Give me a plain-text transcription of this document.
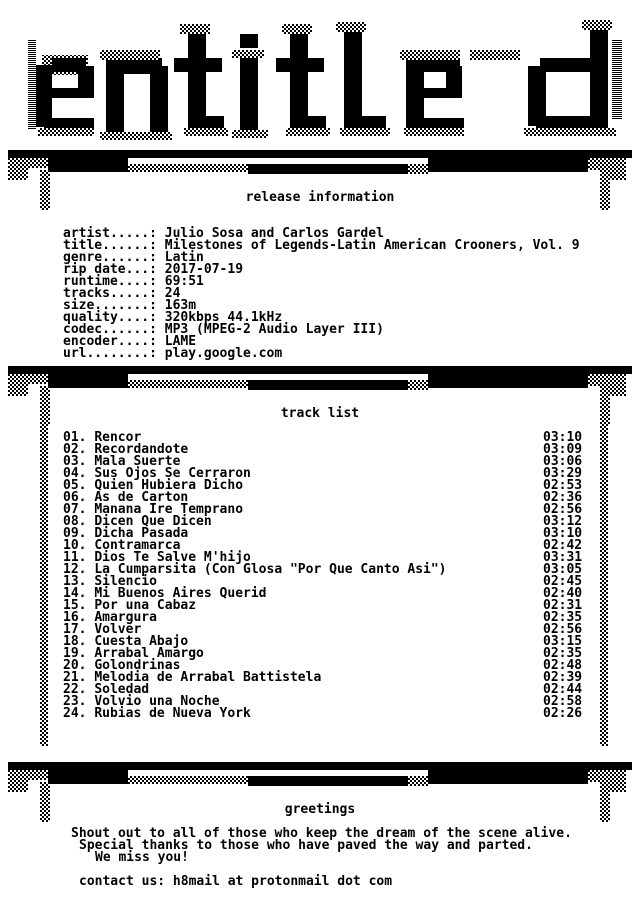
hX!
release information
artist.....: Julio Sosa and Carlos Gardel
title......: Milestones of Legends-Latin American Crooners, Vol. 9
genre......: Latin
rip date...: 2017-07-19
runtime....: 69:51
tracks.....: 24
size.......: 163m
quality....: 320kbps 44.1kHz
codec......: MP3 (MPEG-2 Audio Layer III)
encoder....: LAME
url........: play.google.com
track list
01. Rencor	03:10
02. Recordandote	03:09
03. Mala Suerte	03:06
04. Sus Ojos Se Cerraron	03:29
05. Quien Hubiera Dicho	02:53
06. As de Carton	02:36
07. Manana Ire Temprano	02:56
08. Dicen Que Dicen	03:12
09. Dicha Pasada	03:10
10. Contramarca	02:42
11. Dios Te Salve M'hijo	03:31
12. La Cumparsita (Con Glosa "Por Que Canto Asi")	03:05
13. Silencio	02:45
14. Mi Buenos Aires Querid	02:40
15. Por una Cabaz	02:31
16. Amargura	02:35
17. Volver	02:56
18. Cuesta Abajo	03:15
19. Arrabal Amargo	02:35
20. Golondrinas	02:48
21. Melodia de Arrabal Battistela	02:39
22. Soledad	02:44
23. Volvio una Noche	02:58
24. Rubias de Nueva York	02:26
greetings
Shout out to all of those who keep the dream of the scene alive.
Special thanks to those who have paved the way and parted.
We miss you!
contact us: h8mail at protonmail dot com
